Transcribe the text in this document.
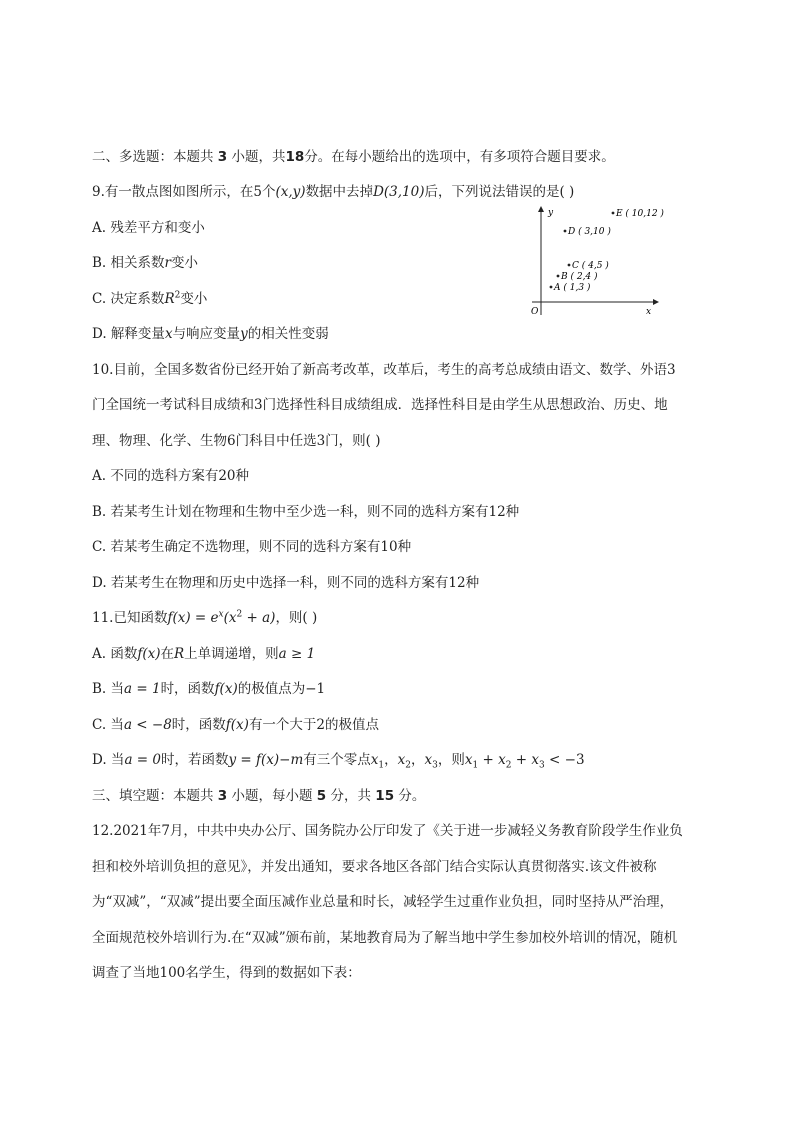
二、多选题：本题共 3 小题，共18分。在每小题给出的选项中，有多项符合题目要求。
9.有一散点图如图所示，在5个(x,y)数据中去掉D(3,10)后，下列说法错误的是( )
A. 残差平方和变小
B. 相关系数r变小
C. 决定系数$R^2$变小
D. 解释变量x与响应变量y的相关性变弱
y
x
O
A ( 1,3 )
B ( 2,4 )
C ( 4,5 )
D ( 3,10 )
E ( 10,12 )
10.目前，全国多数省份已经开始了新高考改革，改革后，考生的高考总成绩由语文、数学、外语3
门全国统一考试科目成绩和3门选择性科目成绩组成．选择性科目是由学生从思想政治、历史、地
理、物理、化学、生物6门科目中任选3门，则( )
A. 不同的选科方案有20种
B. 若某考生计划在物理和生物中至少选一科，则不同的选科方案有12种
C. 若某考生确定不选物理，则不同的选科方案有10种
D. 若某考生在物理和历史中选择一科，则不同的选科方案有12种
11.已知函数$f(x) = e^x(x^2 + a)$，则( )
A. 函数f(x)在R上单调递增，则a ≥ 1
B. 当a = 1时，函数f(x)的极值点为−1
C. 当a < −8时，函数f(x)有一个大于2的极值点
D. 当a = 0时，若函数y = f(x)−m有三个零点$x_1$，$x_2$，$x_3$，则$x_1 + x_2 + x_3 < -3$
三、填空题：本题共 3 小题，每小题 5 分，共 15 分。
12.2021年7月，中共中央办公厅、国务院办公厅印发了《关于进一步减轻义务教育阶段学生作业负
担和校外培训负担的意见》，并发出通知，要求各地区各部门结合实际认真贯彻落实.该文件被称
为“双减”，“双减”提出要全面压减作业总量和时长，减轻学生过重作业负担，同时坚持从严治理，
全面规范校外培训行为.在“双减”颁布前，某地教育局为了解当地中学生参加校外培训的情况，随机
调查了当地100名学生，得到的数据如下表：
